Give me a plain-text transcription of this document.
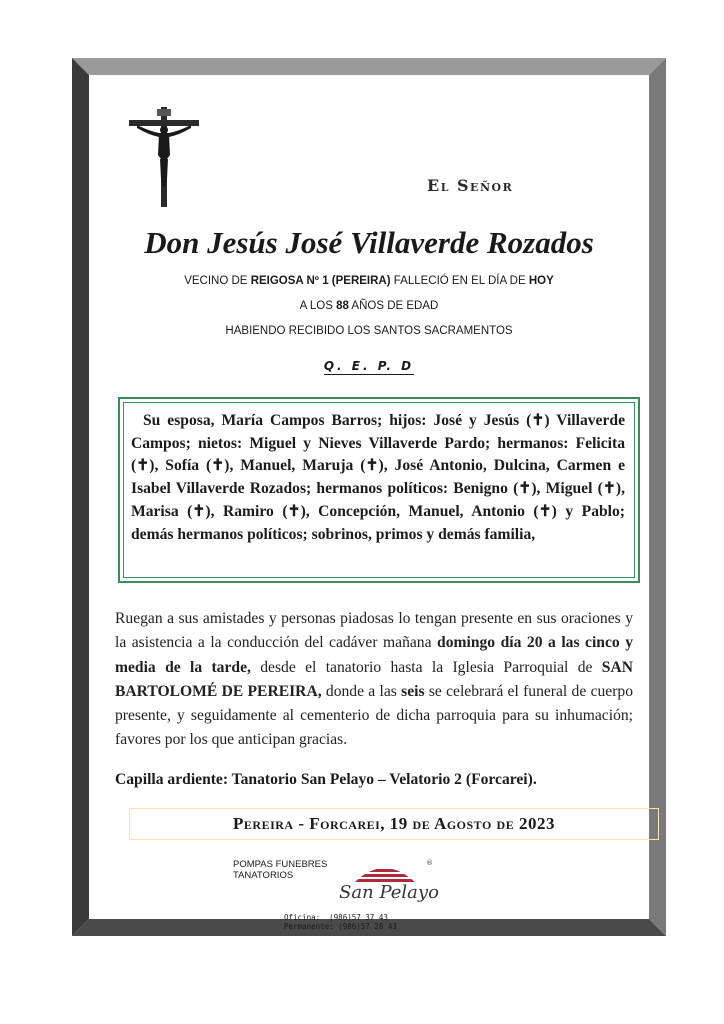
El Señor
Don Jesús José Villaverde Rozados
VECINO DE REIGOSA Nº 1 (PEREIRA) FALLECIÓ EN EL DÍA DE HOY
A LOS 88 AÑOS DE EDAD
HABIENDO RECIBIDO LOS SANTOS SACRAMENTOS
Q. E. P. D
Su esposa, María Campos Barros; hijos: José y Jesús (✝) Villaverde Campos; nietos: Miguel y Nieves Villaverde Pardo; hermanos: Felicita (✝), Sofía (✝), Manuel, Maruja (✝), José Antonio, Dulcina, Carmen e Isabel Villaverde Rozados; hermanos políticos: Benigno (✝), Miguel (✝), Marisa (✝), Ramiro (✝), Concepción, Manuel, Antonio (✝) y Pablo; demás hermanos políticos; sobrinos, primos y demás familia,
Ruegan a sus amistades y personas piadosas lo tengan presente en sus oraciones y la asistencia a la conducción del cadáver mañana domingo día 20 a las cinco y media de la tarde, desde el tanatorio hasta la Iglesia Parroquial de SAN BARTOLOMÉ DE PEREIRA, donde a las seis se celebrará el funeral de cuerpo presente, y seguidamente al cementerio de dicha parroquia para su inhumación; favores por los que anticipan gracias.
Capilla ardiente: Tanatorio San Pelayo – Velatorio 2 (Forcarei).
Pereira - Forcarei, 19 de Agosto de 2023
POMPAS FUNEBRES
TANATORIOS
®
San Pelayo
Oficina:  (986)57 37 43
Permanente: (986)57 28 43
